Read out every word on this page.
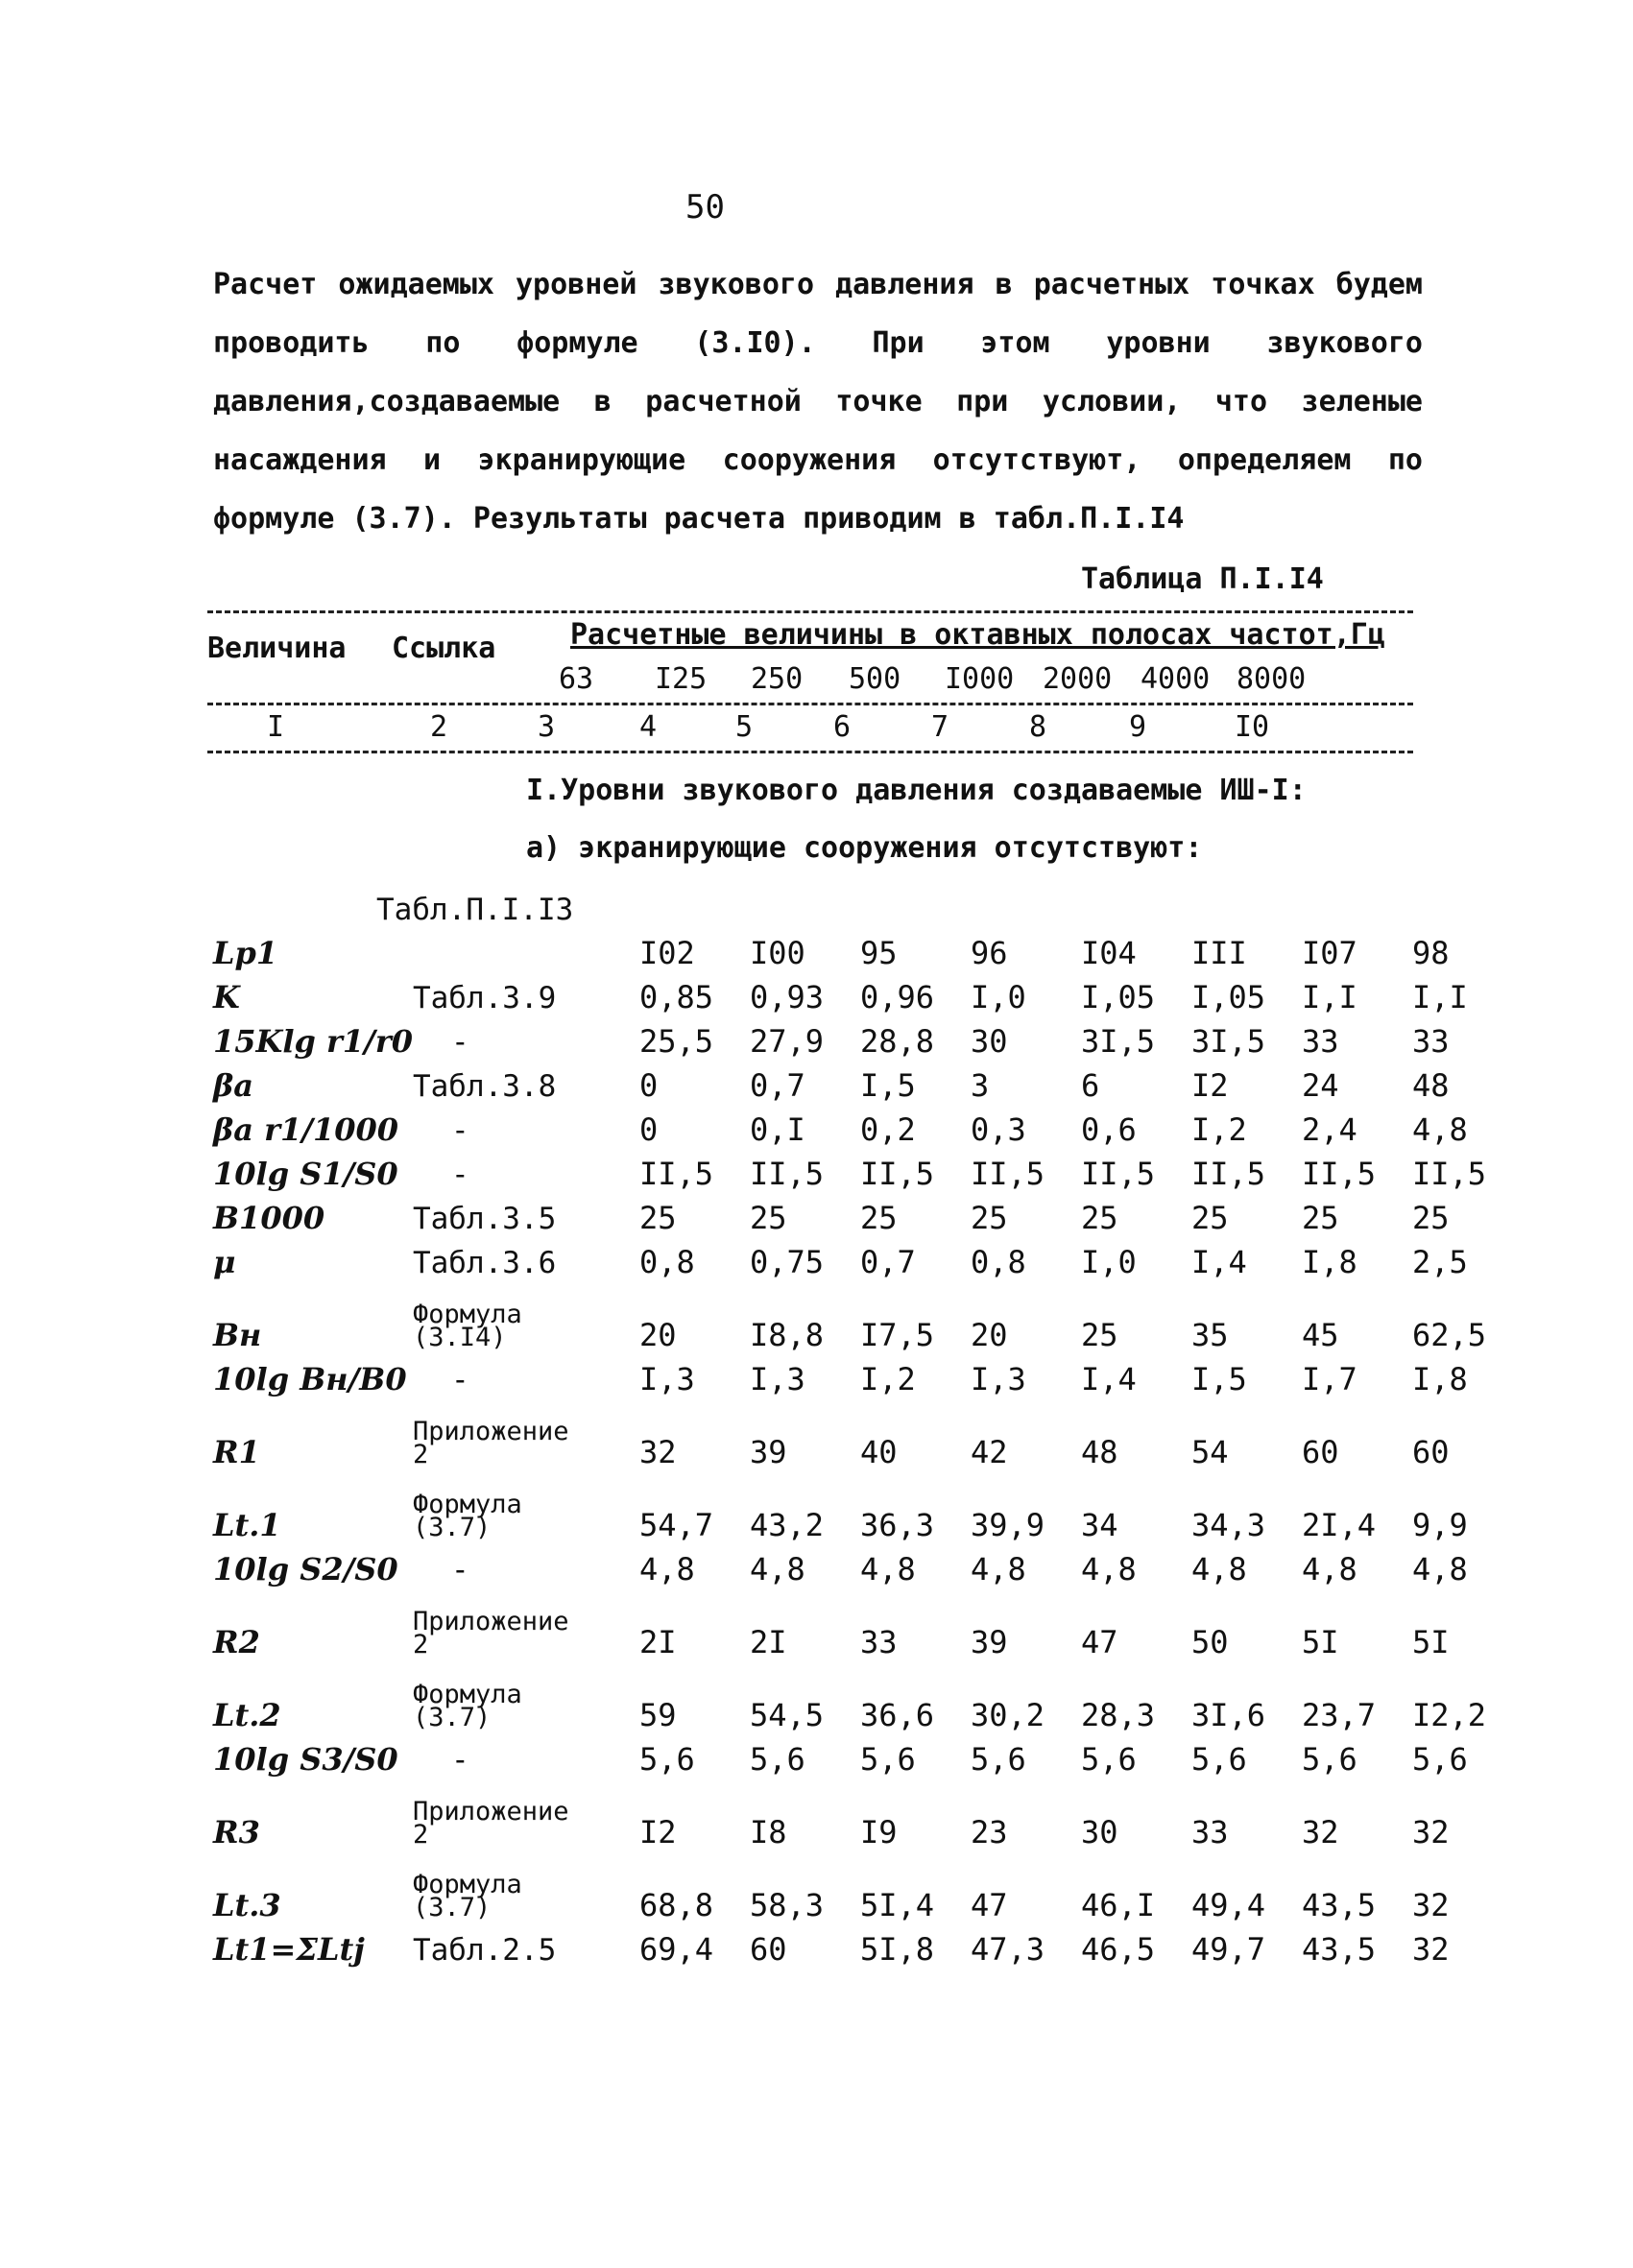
50

Расчет ожидаемых уровней звукового давления в расчетных точках будем проводить по формуле (3.I0). При этом уровни звукового давления,создаваемые в расчетной точке при условии, что зеленые насаждения и экранирующие сооружения отсутствуют, определяем по формуле (3.7). Результаты расчета приводим в табл.П.I.I4

Таблица П.I.I4
Величина Ссылка	Расчетные величины в октавных полосах частот,Гц
63 I25 250 500 I000 2000 4000 8000
I	2	3	4	5	6	7	8	9	I0
I.Уровни звукового давления создаваемые ИШ-I:
а) экранирующие сооружения отсутствуют:
Табл.П.I.I3
Lp1		I02	I00	95	96	I04	III	I07	98
K	Табл.3.9	0,85	0,93	0,96	I,0	I,05	I,05	I,I	I,I
15Klg r1/r0	-	25,5	27,9	28,8	30	3I,5	3I,5	33	33
βa	Табл.3.8	0	0,7	I,5	3	6	I2	24	48
βa r1/1000	-	0	0,I	0,2	0,3	0,6	I,2	2,4	4,8
10lg S1/S0	-	II,5	II,5	II,5	II,5	II,5	II,5	II,5	II,5
B1000	Табл.3.5	25	25	25	25	25	25	25	25
μ	Табл.3.6	0,8	0,75	0,7	0,8	I,0	I,4	I,8	2,5
Bн	Формула (3.I4)	20	I8,8	I7,5	20	25	35	45	62,5
10lg Bн/B0	-	I,3	I,3	I,2	I,3	I,4	I,5	I,7	I,8
R1	Приложение 2	32	39	40	42	48	54	60	60
Lt.1	Формула (3.7)	54,7	43,2	36,3	39,9	34	34,3	2I,4	9,9
10lg S2/S0	-	4,8	4,8	4,8	4,8	4,8	4,8	4,8	4,8
R2	Приложение 2	2I	2I	33	39	47	50	5I	5I
Lt.2	Формула (3.7)	59	54,5	36,6	30,2	28,3	3I,6	23,7	I2,2
10lg S3/S0	-	5,6	5,6	5,6	5,6	5,6	5,6	5,6	5,6
R3	Приложение 2	I2	I8	I9	23	30	33	32	32
Lt.3	Формула (3.7)	68,8	58,3	5I,4	47	46,I	49,4	43,5	32
Lt1=ΣLtj	Табл.2.5	69,4	60	5I,8	47,3	46,5	49,7	43,5	32
